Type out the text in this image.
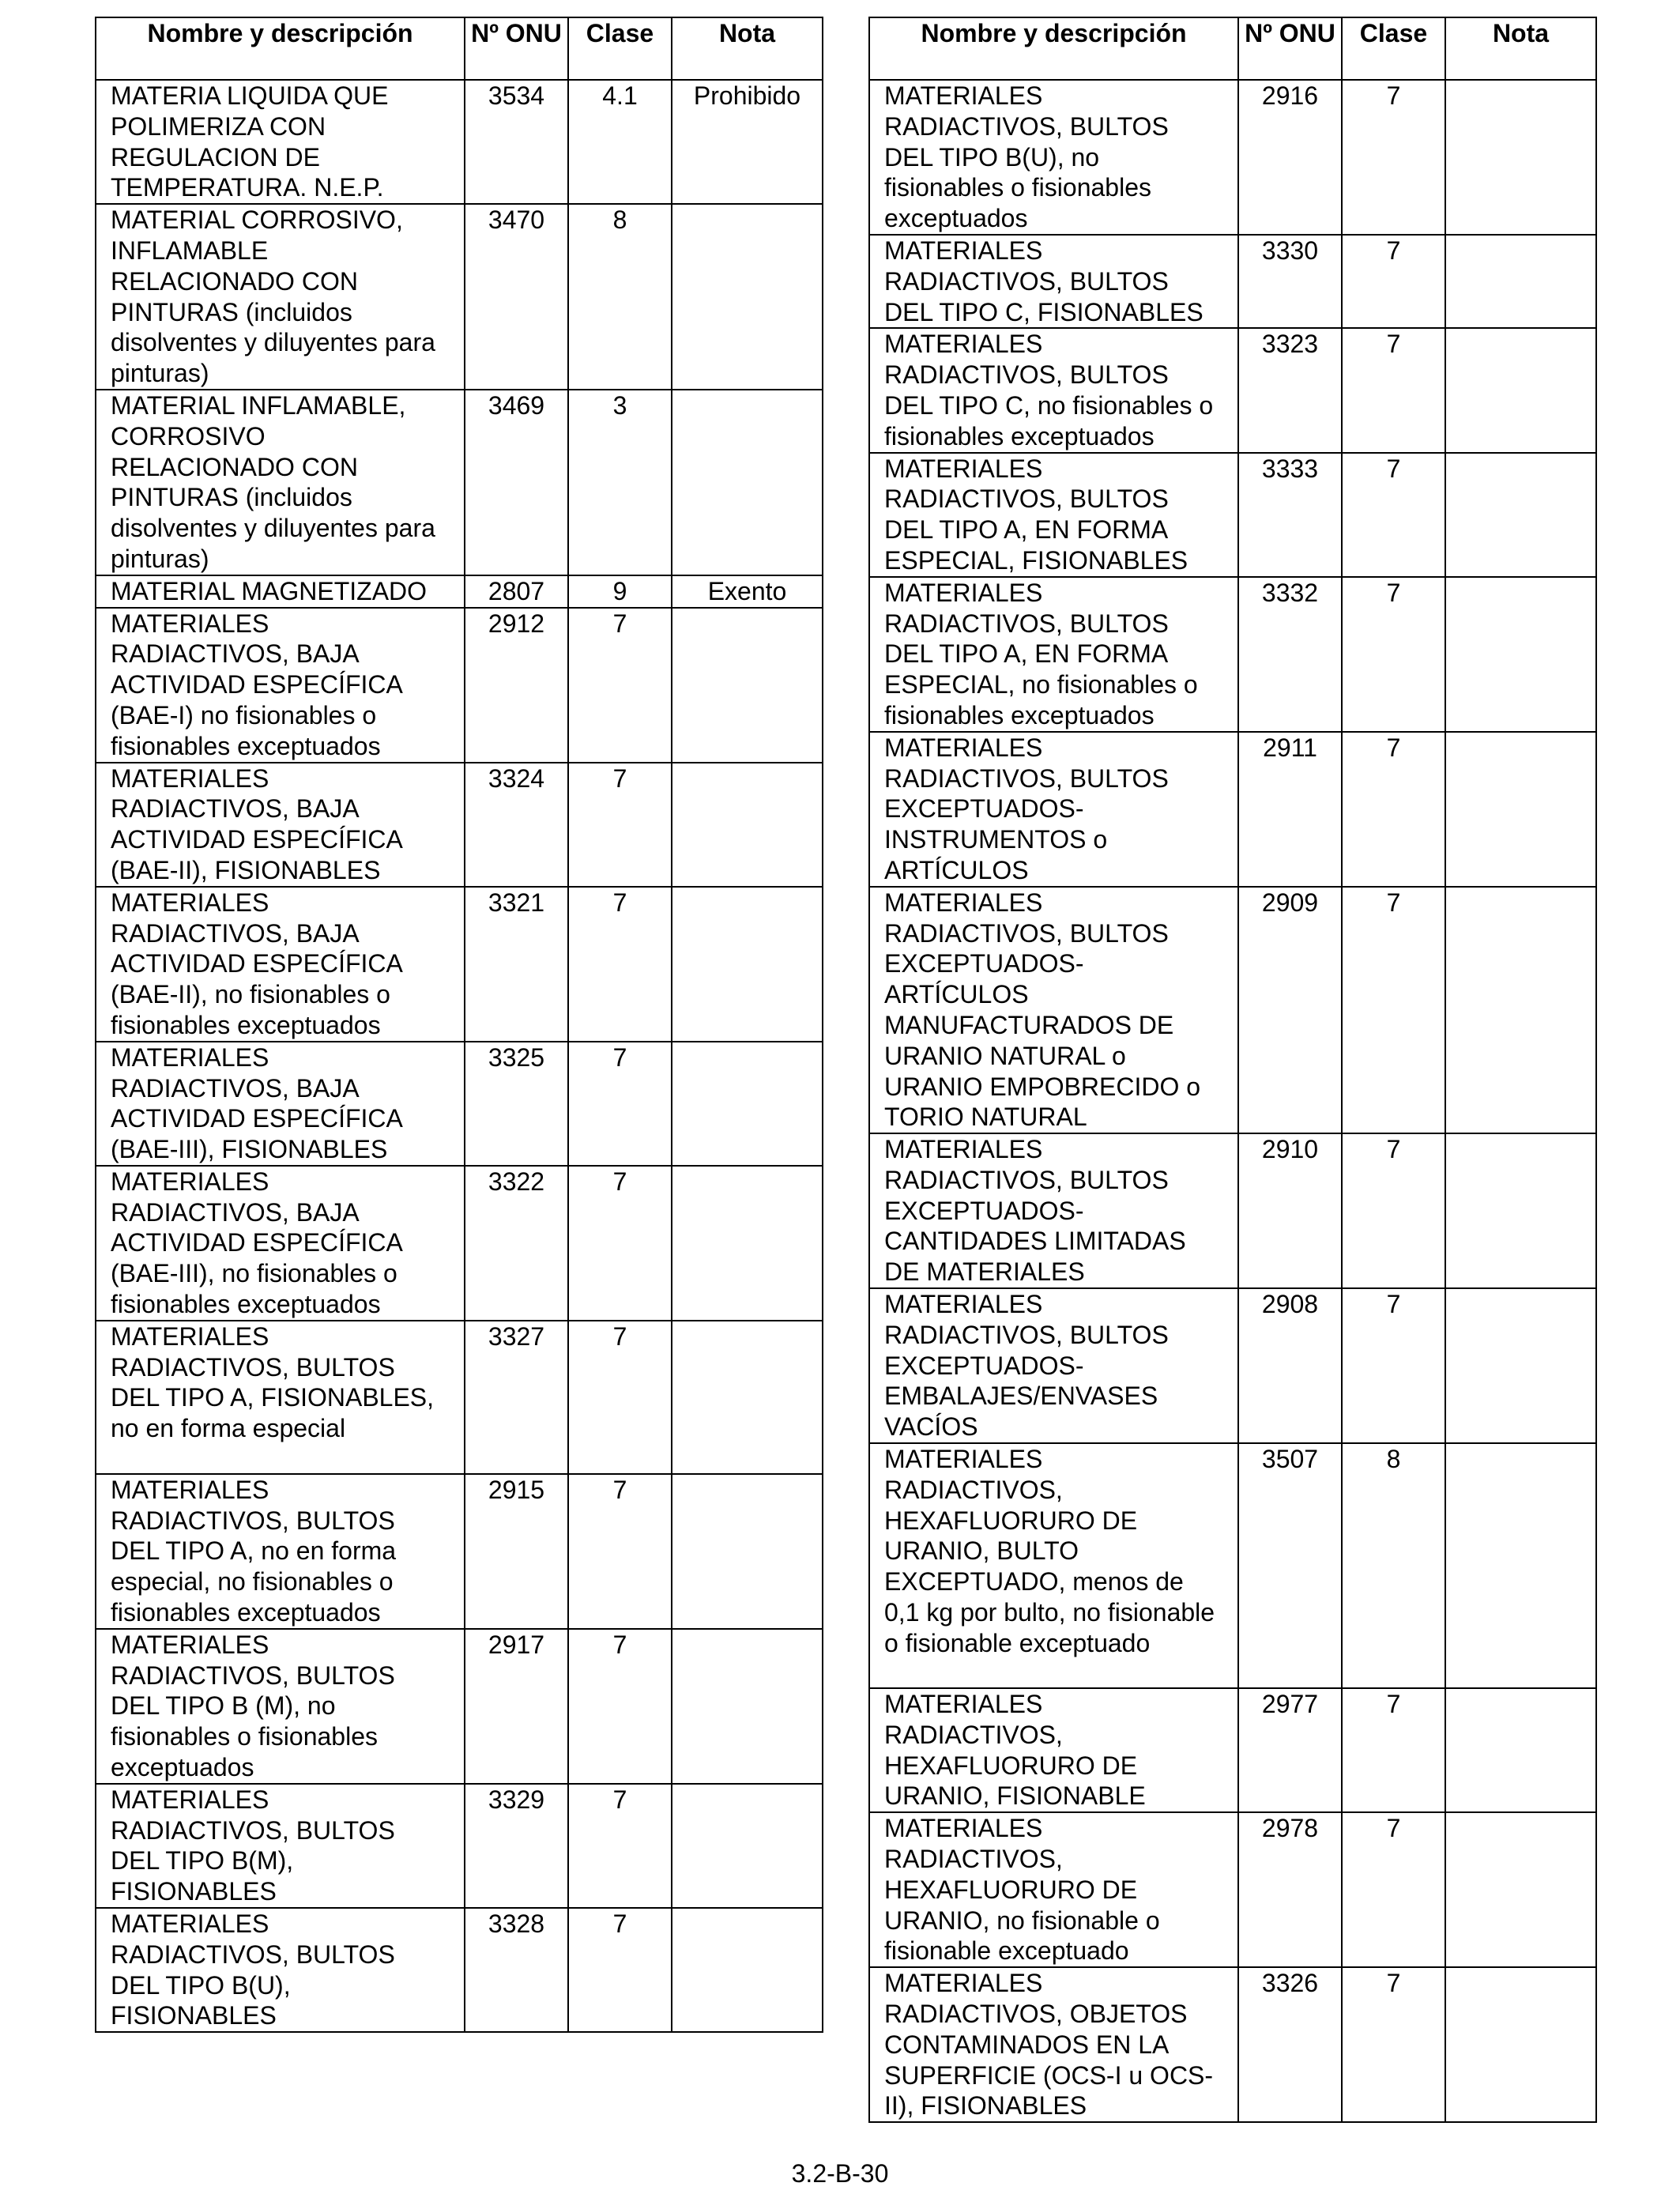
Nombre y descripción	Nº ONU	Clase	Nota
MATERIA LIQUIDA QUE POLIMERIZA CON REGULACION DE TEMPERATURA. N.E.P.	3534	4.1	Prohibido
MATERIAL CORROSIVO, INFLAMABLE RELACIONADO CON PINTURAS (incluidos disolventes y diluyentes para pinturas)	3470	8	
MATERIAL INFLAMABLE, CORROSIVO RELACIONADO CON PINTURAS (incluidos disolventes y diluyentes para pinturas)	3469	3	
MATERIAL MAGNETIZADO	2807	9	Exento
MATERIALES RADIACTIVOS, BAJA ACTIVIDAD ESPECÍFICA (BAE-I) no fisionables o fisionables exceptuados	2912	7	
MATERIALES RADIACTIVOS, BAJA ACTIVIDAD ESPECÍFICA (BAE-II), FISIONABLES	3324	7	
MATERIALES RADIACTIVOS, BAJA ACTIVIDAD ESPECÍFICA (BAE-II), no fisionables o fisionables exceptuados	3321	7	
MATERIALES RADIACTIVOS, BAJA ACTIVIDAD ESPECÍFICA (BAE-III), FISIONABLES	3325	7	
MATERIALES RADIACTIVOS, BAJA ACTIVIDAD ESPECÍFICA (BAE-III), no fisionables o fisionables exceptuados	3322	7	
MATERIALES RADIACTIVOS, BULTOS DEL TIPO A, FISIONABLES, no en forma especial	3327	7	
MATERIALES RADIACTIVOS, BULTOS DEL TIPO A, no en forma especial, no fisionables o fisionables exceptuados	2915	7	
MATERIALES RADIACTIVOS, BULTOS DEL TIPO B (M), no fisionables o fisionables exceptuados	2917	7	
MATERIALES RADIACTIVOS, BULTOS DEL TIPO B(M), FISIONABLES	3329	7	
MATERIALES RADIACTIVOS, BULTOS DEL TIPO B(U), FISIONABLES	3328	7	
Nombre y descripción	Nº ONU	Clase	Nota
MATERIALES RADIACTIVOS, BULTOS DEL TIPO B(U), no fisionables o fisionables exceptuados	2916	7	
MATERIALES RADIACTIVOS, BULTOS DEL TIPO C, FISIONABLES	3330	7	
MATERIALES RADIACTIVOS, BULTOS DEL TIPO C, no fisionables o fisionables exceptuados	3323	7	
MATERIALES RADIACTIVOS, BULTOS DEL TIPO A, EN FORMA ESPECIAL, FISIONABLES	3333	7	
MATERIALES RADIACTIVOS, BULTOS DEL TIPO A, EN FORMA ESPECIAL, no fisionables o fisionables exceptuados	3332	7	
MATERIALES RADIACTIVOS, BULTOS EXCEPTUADOS-INSTRUMENTOS o ARTÍCULOS	2911	7	
MATERIALES RADIACTIVOS, BULTOS EXCEPTUADOS-ARTÍCULOS MANUFACTURADOS DE URANIO NATURAL o URANIO EMPOBRECIDO o TORIO NATURAL	2909	7	
MATERIALES RADIACTIVOS, BULTOS EXCEPTUADOS-CANTIDADES LIMITADAS DE MATERIALES	2910	7	
MATERIALES RADIACTIVOS, BULTOS EXCEPTUADOS-EMBALAJES/ENVASES VACÍOS	2908	7	
MATERIALES RADIACTIVOS, HEXAFLUORURO DE URANIO, BULTO EXCEPTUADO, menos de 0,1 kg por bulto, no fisionable o fisionable exceptuado	3507	8	
MATERIALES RADIACTIVOS, HEXAFLUORURO DE URANIO, FISIONABLE	2977	7	
MATERIALES RADIACTIVOS, HEXAFLUORURO DE URANIO, no fisionable o fisionable exceptuado	2978	7	
MATERIALES RADIACTIVOS, OBJETOS CONTAMINADOS EN LA SUPERFICIE (OCS-I u OCS-II), FISIONABLES	3326	7	
3.2-B-30
